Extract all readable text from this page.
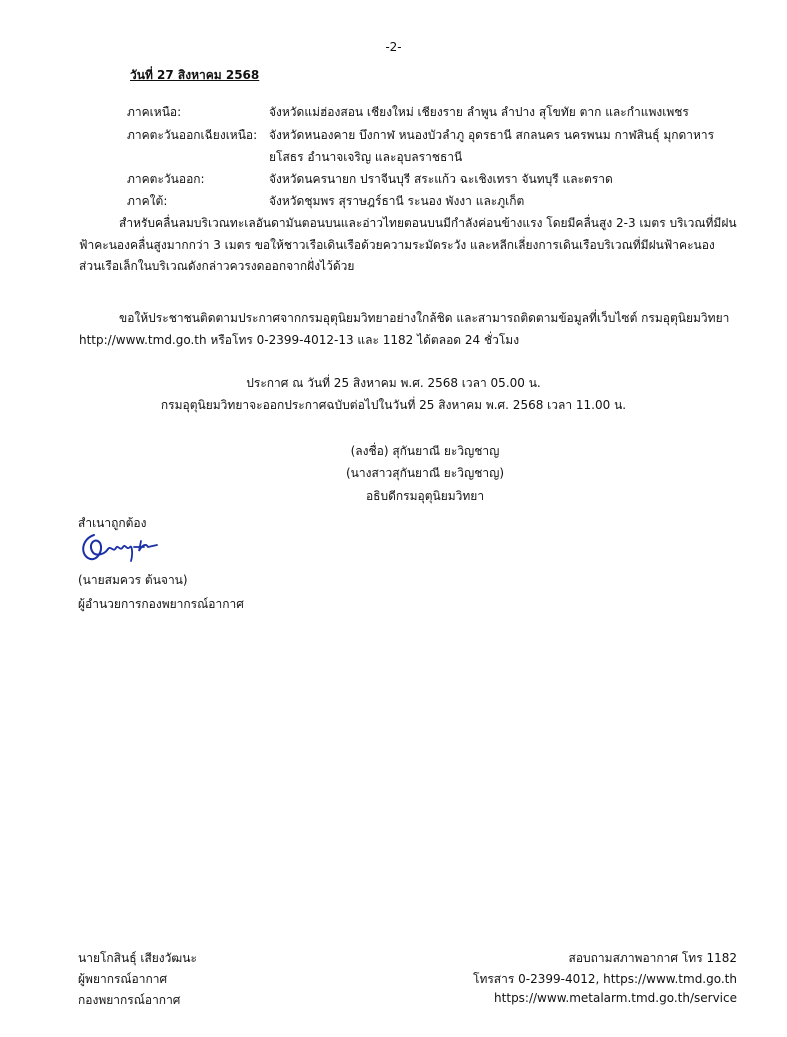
-2-
วันที่ 27 สิงหาคม 2568
ภาคเหนือ:	จังหวัดแม่ฮ่องสอน เชียงใหม่ เชียงราย ลำพูน ลำปาง สุโขทัย ตาก และกำแพงเพชร
ภาคตะวันออกเฉียงเหนือ: จังหวัดหนองคาย บึงกาฬ หนองบัวลำภู อุดรธานี สกลนคร นครพนม กาฬสินธุ์ มุกดาหาร
ยโสธร อำนาจเจริญ และอุบลราชธานี
ภาคตะวันออก:	จังหวัดนครนายก ปราจีนบุรี สระแก้ว ฉะเชิงเทรา จันทบุรี และตราด
ภาคใต้:	จังหวัดชุมพร สุราษฎร์ธานี ระนอง พังงา และภูเก็ต
สำหรับคลื่นลมบริเวณทะเลอันดามันตอนบนและอ่าวไทยตอนบนมีกำลังค่อนข้างแรง โดยมีคลื่นสูง 2-3 เมตร บริเวณที่มีฝนฟ้าคะนองคลื่นสูงมากกว่า 3 เมตร ขอให้ชาวเรือเดินเรือด้วยความระมัดระวัง และหลีกเลี่ยงการเดินเรือบริเวณที่มีฝนฟ้าคะนอง ส่วนเรือเล็กในบริเวณดังกล่าวควรงดออกจากฝั่งไว้ด้วย
ขอให้ประชาชนติดตามประกาศจากกรมอุตุนิยมวิทยาอย่างใกล้ชิด และสามารถติดตามข้อมูลที่เว็บไซต์ กรมอุตุนิยมวิทยา http://www.tmd.go.th หรือโทร 0-2399-4012-13 และ 1182 ได้ตลอด 24 ชั่วโมง
ประกาศ ณ วันที่ 25 สิงหาคม พ.ศ. 2568 เวลา 05.00 น.
กรมอุตุนิยมวิทยาจะออกประกาศฉบับต่อไปในวันที่ 25 สิงหาคม พ.ศ. 2568 เวลา 11.00 น.
(ลงชื่อ) สุกันยาณี ยะวิญชาญ
(นางสาวสุกันยาณี ยะวิญชาญ)
อธิบดีกรมอุตุนิยมวิทยา
สำเนาถูกต้อง
(นายสมควร ต้นจาน)
ผู้อำนวยการกองพยากรณ์อากาศ
นายโกสินธุ์ เสียงวัฒนะ
ผู้พยากรณ์อากาศ
กองพยากรณ์อากาศ
สอบถามสภาพอากาศ โทร 1182
โทรสาร 0-2399-4012, https://www.tmd.go.th
https://www.metalarm.tmd.go.th/service
